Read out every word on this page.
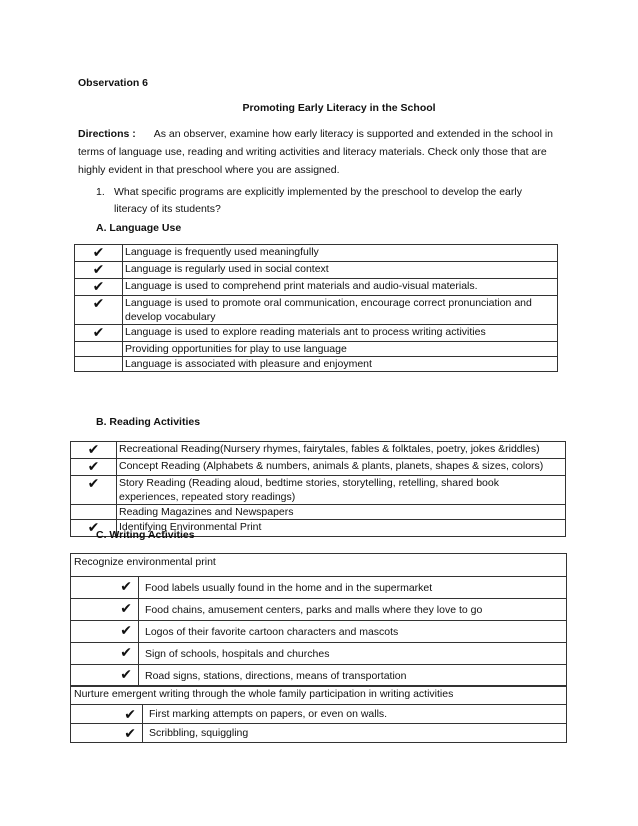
Observation 6
Promoting Early Literacy in the School
Directions : As an observer, examine how early literacy is supported and extended in the school in
terms of language use, reading and writing activities and literacy materials. Check only those that are
highly evident in that preschool where you are assigned.
1. What specific programs are explicitly implemented by the preschool to develop the early
literacy of its students?
A. Language Use
✔	Language is frequently used meaningfully

✔	Language is regularly used in social context

✔	Language is used to comprehend print materials and audio-visual materials.

✔	Language is used to promote oral communication, encourage correct pronunciation and
develop vocabulary

✔	Language is used to explore reading materials ant to process writing activities

	Providing opportunities for play to use language

	Language is associated with pleasure and enjoyment
B. Reading Activities
✔	Recreational Reading(Nursery rhymes, fairytales, fables & folktales, poetry, jokes &riddles)

✔	Concept Reading (Alphabets & numbers, animals & plants, planets, shapes & sizes, colors)

✔	Story Reading (Reading aloud, bedtime stories, storytelling, retelling, shared book
experiences, repeated story readings)

	Reading Magazines and Newspapers

✔	Identifying Environmental Print
C. Writing Activities
Recognize environmental print	
✔	Food labels usually found in the home and in the supermarket
✔	Food chains, amusement centers, parks and malls where they love to go
✔	Logos of their favorite cartoon characters and mascots
✔	Sign of schools, hospitals and churches
✔	Road signs, stations, directions, means of transportation
Nurture emergent writing through the whole family participation in writing activities	
✔	First marking attempts on papers, or even on walls.
✔	Scribbling, squiggling
